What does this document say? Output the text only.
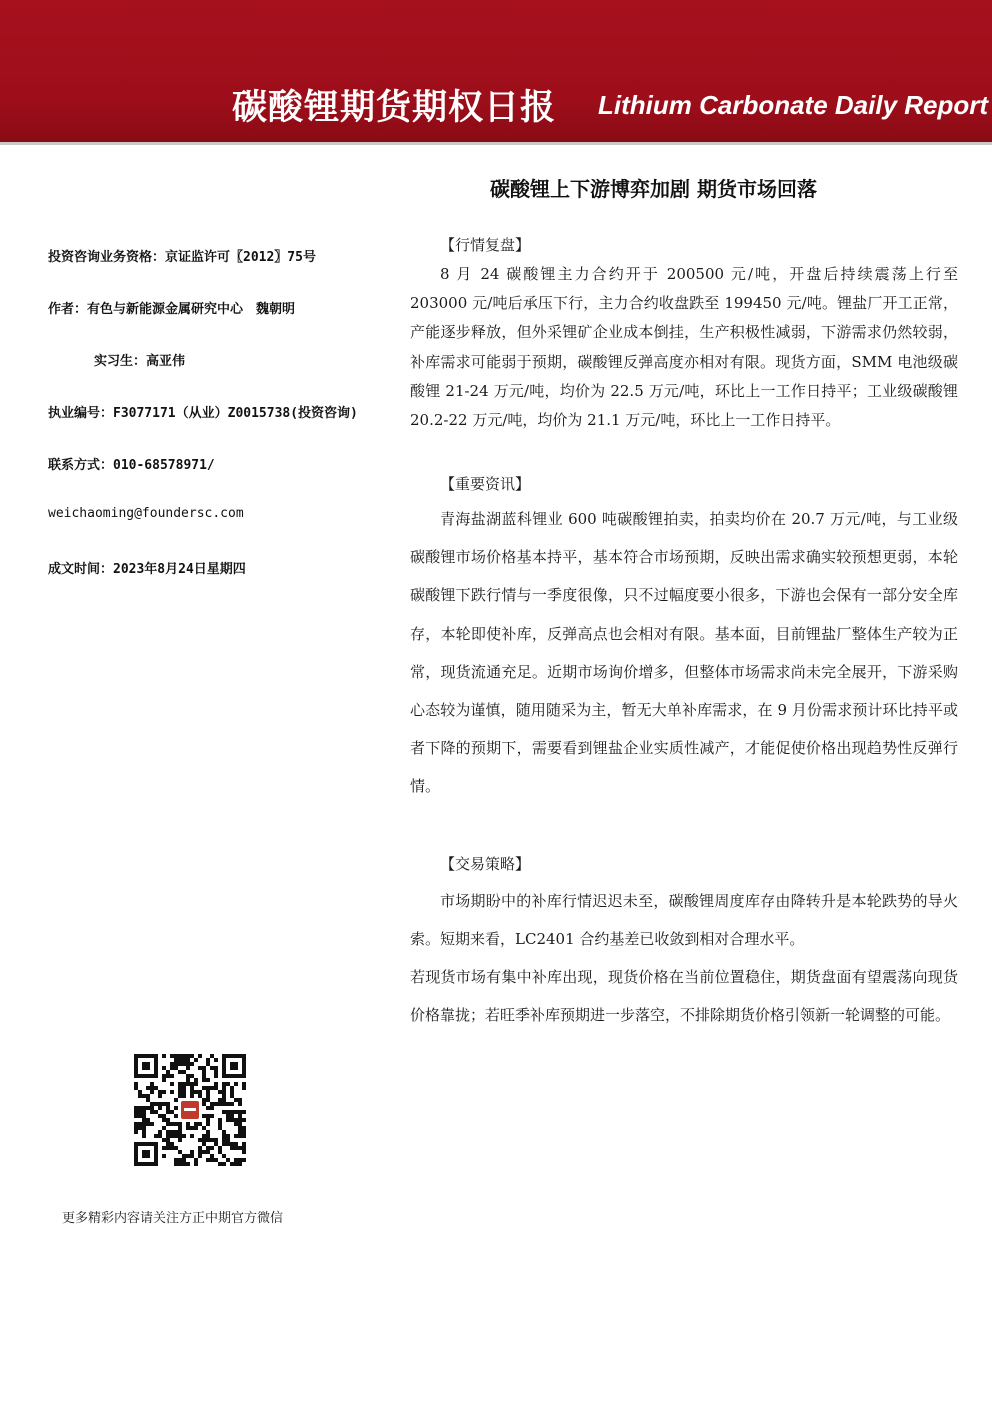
碳酸锂期货期权日报 Lithium Carbonate Daily Report
碳酸锂上下游博弈加剧 期货市场回落
投资咨询业务资格：京证监许可〖2012〗75号
作者：有色与新能源金属研究中心　魏朝明
实习生：高亚伟
执业编号：F3077171（从业）Z0015738(投资咨询)
联系方式：010-68578971/
weichaoming@foundersc.com
成文时间：2023年8月24日星期四
【行情复盘】
8 月 24 碳酸锂主力合约开于 200500 元/吨，开盘后持续震荡上行至 203000 元/吨后承压下行，主力合约收盘跌至 199450 元/吨。锂盐厂开工正常，产能逐步释放，但外采锂矿企业成本倒挂，生产积极性减弱，下游需求仍然较弱，补库需求可能弱于预期，碳酸锂反弹高度亦相对有限。现货方面，SMM 电池级碳酸锂 21-24 万元/吨，均价为 22.5 万元/吨，环比上一工作日持平；工业级碳酸锂 20.2-22 万元/吨，均价为 21.1 万元/吨，环比上一工作日持平。
【重要资讯】
青海盐湖蓝科锂业 600 吨碳酸锂拍卖，拍卖均价在 20.7 万元/吨，与工业级碳酸锂市场价格基本持平，基本符合市场预期，反映出需求确实较预想更弱，本轮碳酸锂下跌行情与一季度很像，只不过幅度要小很多，下游也会保有一部分安全库存，本轮即使补库，反弹高点也会相对有限。基本面，目前锂盐厂整体生产较为正常，现货流通充足。近期市场询价增多，但整体市场需求尚未完全展开，下游采购心态较为谨慎，随用随采为主，暂无大单补库需求，在 9 月份需求预计环比持平或者下降的预期下，需要看到锂盐企业实质性减产，才能促使价格出现趋势性反弹行情。
【交易策略】
市场期盼中的补库行情迟迟未至，碳酸锂周度库存由降转升是本轮跌势的导火索。短期来看，LC2401 合约基差已收敛到相对合理水平。
若现货市场有集中补库出现，现货价格在当前位置稳住，期货盘面有望震荡向现货价格靠拢；若旺季补库预期进一步落空，不排除期货价格引领新一轮调整的可能。
更多精彩内容请关注方正中期官方微信
